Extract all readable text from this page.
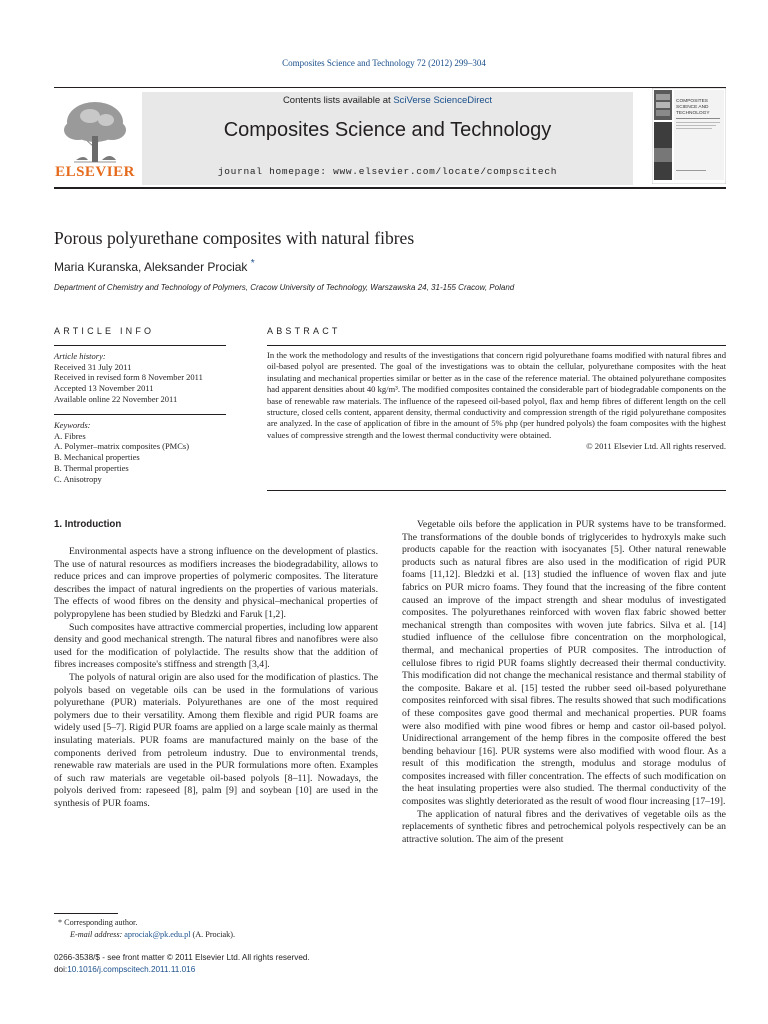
Composites Science and Technology 72 (2012) 299–304
ELSEVIER
Contents lists available at SciVerse ScienceDirect
Composites Science and Technology
journal homepage: www.elsevier.com/locate/compscitech
COMPOSITES
SCIENCE AND
TECHNOLOGY
Porous polyurethane composites with natural fibres
Maria Kuranska, Aleksander Prociak *
Department of Chemistry and Technology of Polymers, Cracow University of Technology, Warszawska 24, 31-155 Cracow, Poland
ARTICLE INFO
Article history:
Received 31 July 2011
Received in revised form 8 November 2011
Accepted 13 November 2011
Available online 22 November 2011
Keywords:
A. Fibres
A. Polymer–matrix composites (PMCs)
B. Mechanical properties
B. Thermal properties
C. Anisotropy
ABSTRACT

In the work the methodology and results of the investigations that concern rigid polyurethane foams modified with natural fibres and oil-based polyol are presented. The goal of the investigations was to obtain the cellular, polyurethane composites with the heat insulating and mechanical properties similar or better as in the case of the reference material. The obtained polyurethane composites had apparent densities about 40 kg/m³. The modified composites contained the considerable part of biodegradable components on the base of renewable raw materials. The influence of the rapeseed oil-based polyol, flax and hemp fibres of different length on the cell structure, closed cells content, apparent density, thermal conductivity and compression strength of the rigid polyurethane composites are analyzed. In the case of application of fibre in the amount of 5% php (per hundred polyols) the foam composites with the highest values of compressive strength and the lowest thermal conductivity were obtained.

© 2011 Elsevier Ltd. All rights reserved.

1. Introduction

Environmental aspects have a strong influence on the development of plastics. The use of natural resources as modifiers increases the biodegradability, allows to reduce prices and can improve properties of polymeric composites. The literature describes the impact of natural ingredients on the properties of various materials. The effects of wood fibres on the density and physical–mechanical properties of polypropylene has been studied by Bledzki and Faruk [1,2].

Such composites have attractive commercial properties, including low apparent density and good mechanical strength. The natural fibres and nanofibres were also used for the modification of polylactide. The results show that the addition of fibres increases composite's stiffness and strength [3,4].

The polyols of natural origin are also used for the modification of plastics. The polyols based on vegetable oils can be used in the formulations of various polyurethane (PUR) materials. Polyurethanes are one of the most required polymers due to their versatility. Among them flexible and rigid PUR foams are widely used [5–7]. Rigid PUR foams are applied on a large scale mainly as thermal insulating materials. PUR foams are manufactured mainly on the base of the components derived from petroleum industry. Due to environmental trends, renewable raw materials are used in the PUR formulations more often. Examples of such raw materials are vegetable oil-based polyols [8–11]. Nowadays, the polyols derived from: rapeseed [8], palm [9] and soybean [10] are used in the synthesis of PUR foams.

Vegetable oils before the application in PUR systems have to be transformed. The transformations of the double bonds of triglycerides to hydroxyls make such products capable for the reaction with isocyanates [5]. Other natural renewable products such as natural fibres are also used in the modification of rigid PUR foams [11,12]. Bledzki et al. [13] studied the influence of woven flax and jute fabrics on PUR micro foams. They found that the increasing of the fibre content caused an improve of the impact strength and shear modulus of investigated composites. The polyurethanes reinforced with woven flax fabric showed better mechanical strength than composites with woven jute fabrics. Silva et al. [14] studied influence of the cellulose fibre concentration on the morphological, thermal, and mechanical properties of PUR composites. The introduction of cellulose fibres to rigid PUR foams slightly decreased their thermal conductivity. This modification did not change the mechanical resistance and thermal stability of the composite. Bakare et al. [15] tested the rubber seed oil-based polyurethane composites reinforced with sisal fibres. The results showed that such modifications of these composites gave good thermal and mechanical properties. PUR foams were also modified with pine wood fibres or hemp and castor oil-based polyol. Unidirectional arrangement of the hemp fibres in the composite offered the best bending behaviour [16]. PUR systems were also modified with wood flour. As a result of this modification the strength, modulus and storage modulus of composites increased with filler concentration. The effects of such modification on the heat insulating properties were also studied. The thermal conductivity of the composites was slightly deteriorated as the result of wood flour increasing [17–19].

The application of natural fibres and the derivatives of vegetable oils as the replacements of synthetic fibres and petrochemical polyols respectively can be an attractive solution. The aim of the present

* Corresponding author.
E-mail address: aprociak@pk.edu.pl (A. Prociak).
0266-3538/$ - see front matter © 2011 Elsevier Ltd. All rights reserved.
doi:10.1016/j.compscitech.2011.11.016
